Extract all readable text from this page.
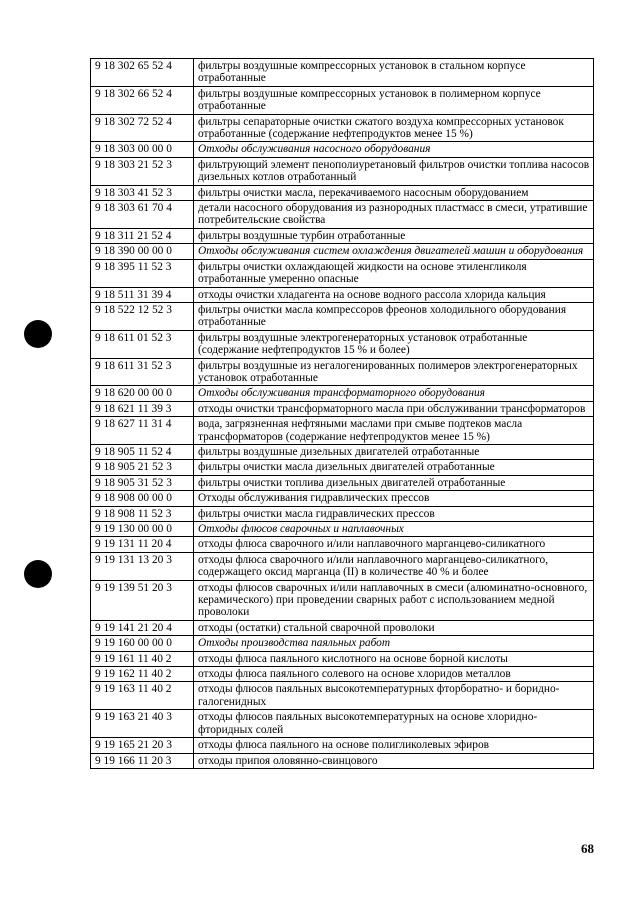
9 18 302 65 52 4	фильтры воздушные компрессорных установок в стальном корпусе отработанные
9 18 302 66 52 4	фильтры воздушные компрессорных установок в полимерном корпусе отработанные
9 18 302 72 52 4	фильтры сепараторные очистки сжатого воздуха компрессорных установок отработанные (содержание нефтепродуктов менее 15 %)
9 18 303 00 00 0	Отходы обслуживания насосного оборудования
9 18 303 21 52 3	фильтрующий элемент пенополиуретановый фильтров очистки топлива насосов дизельных котлов отработанный
9 18 303 41 52 3	фильтры очистки масла, перекачиваемого насосным оборудованием
9 18 303 61 70 4	детали насосного оборудования из разнородных пластмасс в смеси, утратившие потребительские свойства
9 18 311 21 52 4	фильтры воздушные турбин отработанные
9 18 390 00 00 0	Отходы обслуживания систем охлаждения двигателей машин и оборудования
9 18 395 11 52 3	фильтры очистки охлаждающей жидкости на основе этиленгликоля отработанные умеренно опасные
9 18 511 31 39 4	отходы очистки хладагента на основе водного рассола хлорида кальция
9 18 522 12 52 3	фильтры очистки масла компрессоров фреонов холодильного оборудования отработанные
9 18 611 01 52 3	фильтры воздушные электрогенераторных установок отработанные (содержание нефтепродуктов 15 % и более)
9 18 611 31 52 3	фильтры воздушные из негалогенированных полимеров электрогенераторных установок отработанные
9 18 620 00 00 0	Отходы обслуживания трансформаторного оборудования
9 18 621 11 39 3	отходы очистки трансформаторного масла при обслуживании трансформаторов
9 18 627 11 31 4	вода, загрязненная нефтяными маслами при смыве подтеков масла трансформаторов (содержание нефтепродуктов менее 15 %)
9 18 905 11 52 4	фильтры воздушные дизельных двигателей отработанные
9 18 905 21 52 3	фильтры очистки масла дизельных двигателей отработанные
9 18 905 31 52 3	фильтры очистки топлива дизельных двигателей отработанные
9 18 908 00 00 0	Отходы обслуживания гидравлических прессов
9 18 908 11 52 3	фильтры очистки масла гидравлических прессов
9 19 130 00 00 0	Отходы флюсов сварочных и наплавочных
9 19 131 11 20 4	отходы флюса сварочного и/или наплавочного марганцево-силикатного
9 19 131 13 20 3	отходы флюса сварочного и/или наплавочного марганцево-силикатного, содержащего оксид марганца (II) в количестве 40 % и более
9 19 139 51 20 3	отходы флюсов сварочных и/или наплавочных в смеси (алюминатно-основного, керамического) при проведении сварных работ с использованием медной проволоки
9 19 141 21 20 4	отходы (остатки) стальной сварочной проволоки
9 19 160 00 00 0	Отходы производства паяльных работ
9 19 161 11 40 2	отходы флюса паяльного кислотного на основе борной кислоты
9 19 162 11 40 2	отходы флюса паяльного солевого на основе хлоридов металлов
9 19 163 11 40 2	отходы флюсов паяльных высокотемпературных фторборатно- и боридно-галогенидных
9 19 163 21 40 3	отходы флюсов паяльных высокотемпературных на основе хлоридно-фторидных солей
9 19 165 21 20 3	отходы флюса паяльного на основе полигликолевых эфиров
9 19 166 11 20 3	отходы припоя оловянно-свинцового
68
